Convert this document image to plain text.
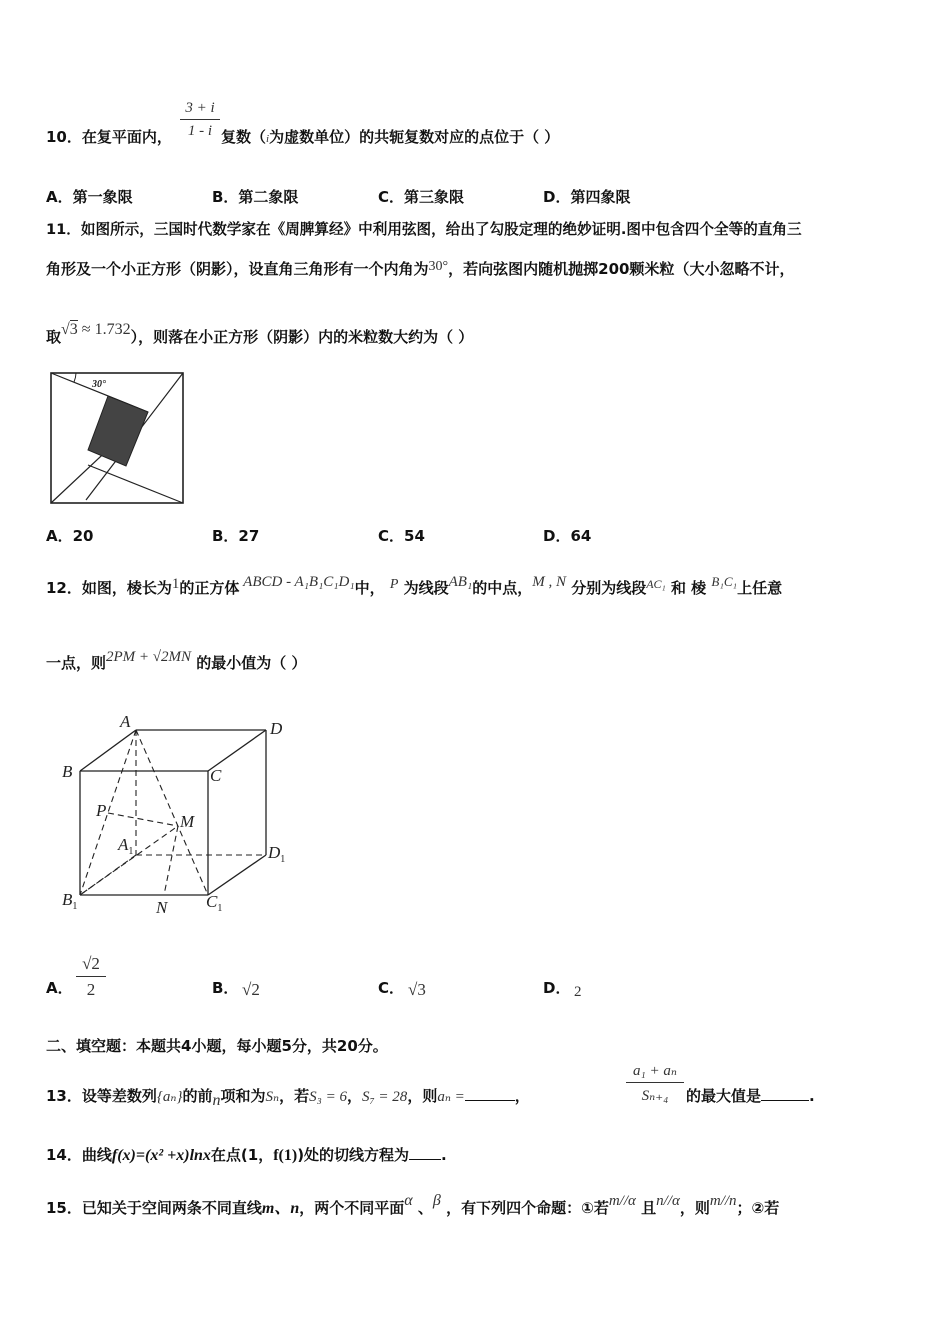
10．在复平面内， $\frac{3 + i}{1 - i}$ 复数（i为虚数单位）的共轭复数对应的点位于（ ）
A．第一象限	B．第二象限	C．第三象限	D．第四象限
11．如图所示，三国时代数学家在《周脾算经》中利用弦图，给出了勾股定理的绝妙证明.图中包含四个全等的直角三
角形及一个小正方形（阴影），设直角三角形有一个内角为30°，若向弦图内随机抛掷200颗米粒（大小忽略不计，
取√3 ≈ 1.732），则落在小正方形（阴影）内的米粒数大约为（ ）
30°
A．20	B．27	C．54	D．64
12．如图，棱长为1的正方体 ABCD - A₁B₁C₁D₁中， P 为线段AB₁的中点，M , N 分别为线段$^{AC_1}$ 和 棱 B₁C₁上任意
一点，则2PM + √2MN 的最小值为（ ）
A	D
B	C
P
M
$A_1$	$D_1$
$B_1$	N $C_1$
A． $\frac{√2}{2}$	B． √2	C． √3	D． 2
二、填空题：本题共4小题，每小题5分，共20分。
13．设等差数列{aₙ}的前n项和为Sₙ，若S₃ = 6，S₇ = 28，则aₙ =	，	$\frac{\text{a₁ + aₙ}}{\text{Sₙ₊₄}}$ 的最大值是	.
14．曲线f(x)=(x² +x)lnx在点(1，f(1))处的切线方程为 .
15．已知关于空间两条不同直线m、n，两个不同平面α 、β ，有下列四个命题：①若m//α 且n//α，则m//n；②若
